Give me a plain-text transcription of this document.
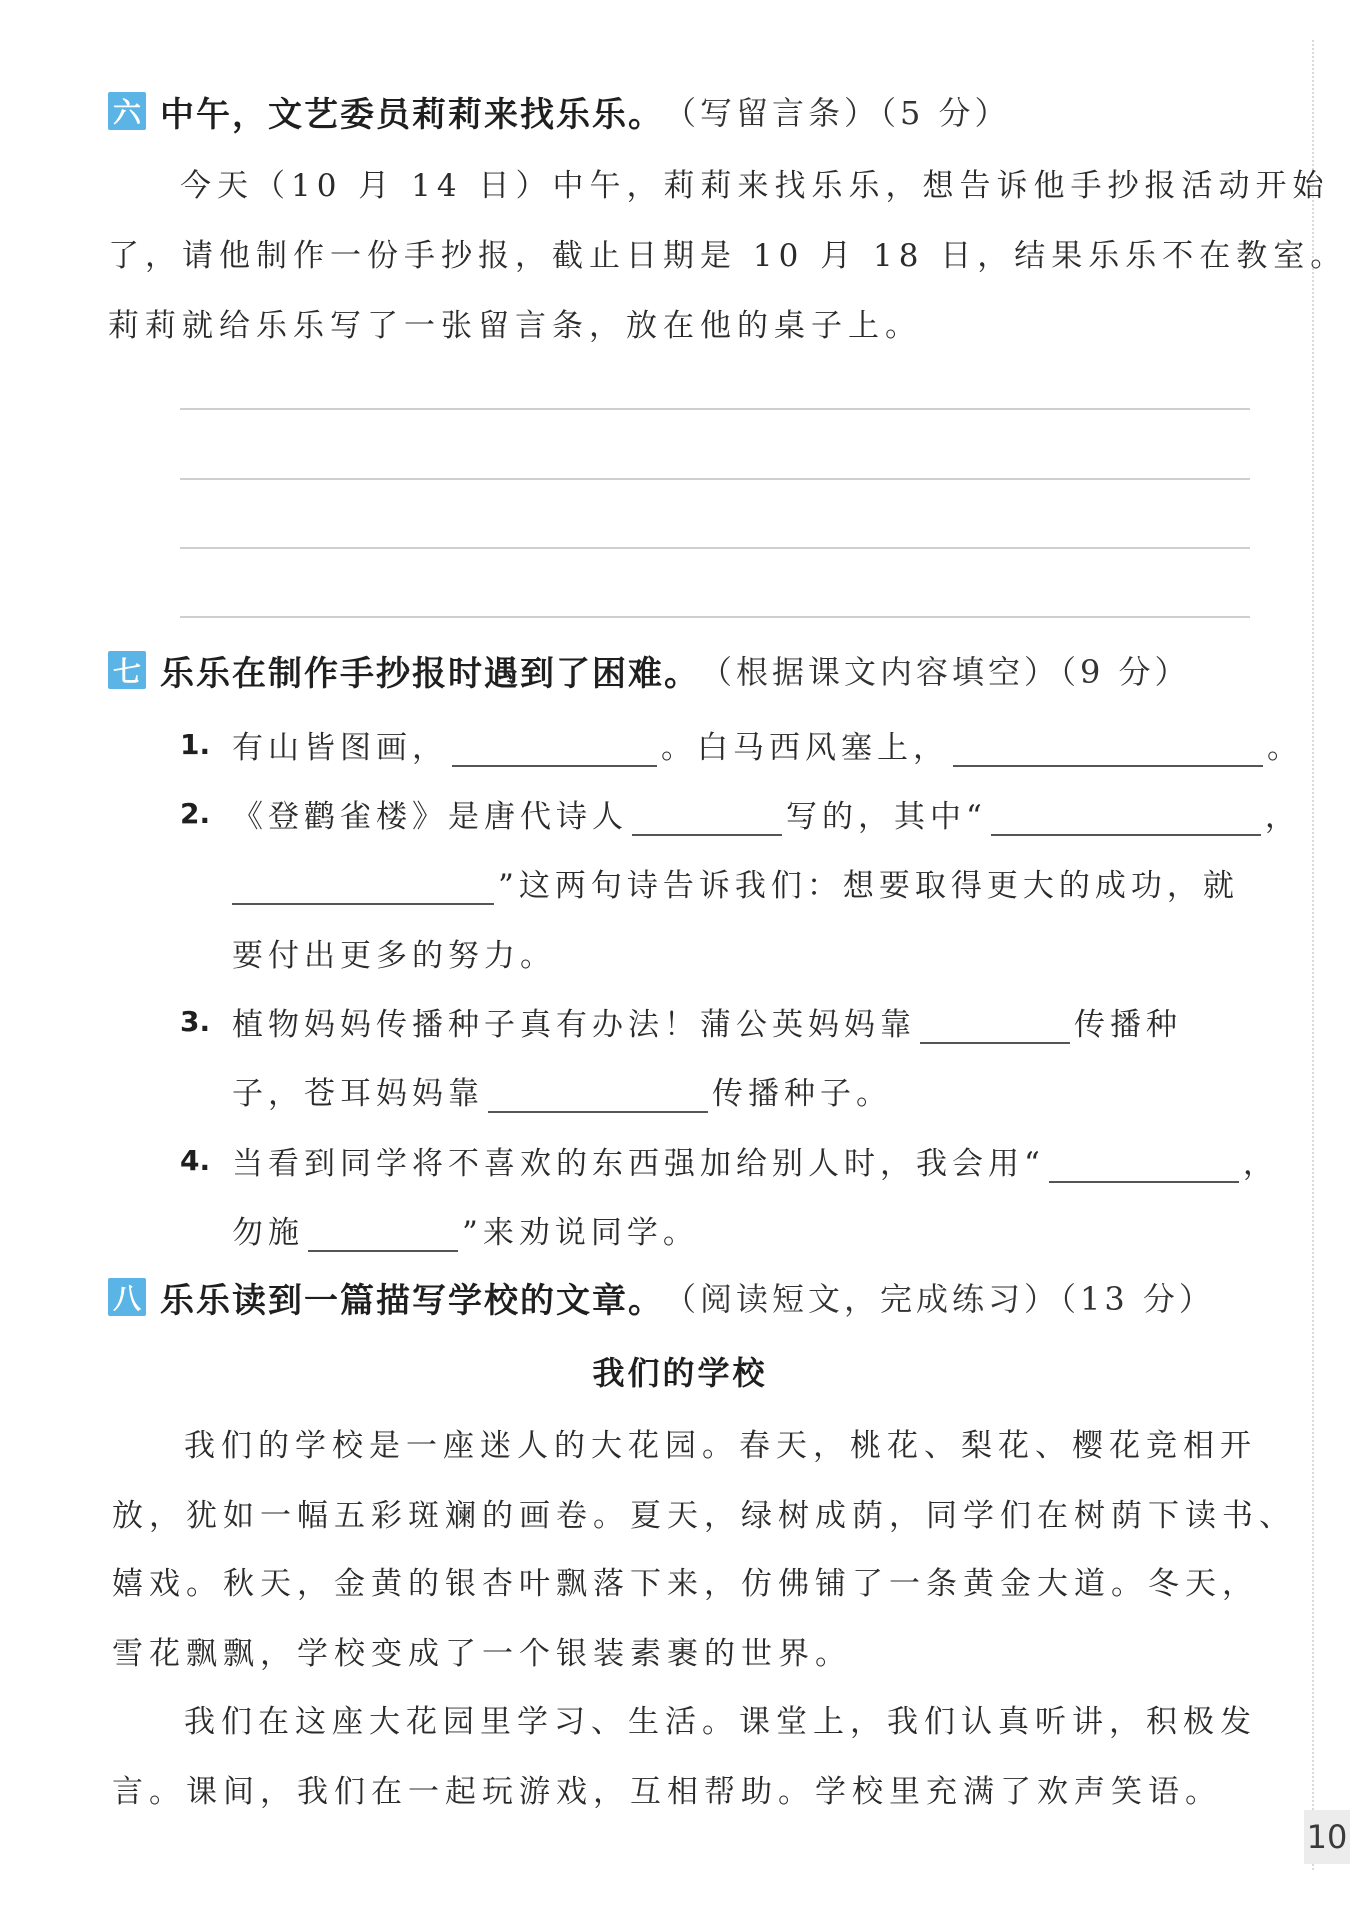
六 中午，文艺委员莉莉来找乐乐。 （写留言条）（5 分）

今天（10 月 14 日）中午，莉莉来找乐乐，想告诉他手抄报活动开始

了，请他制作一份手抄报，截止日期是 10 月 18 日，结果乐乐不在教室。

莉莉就给乐乐写了一张留言条，放在他的桌子上。

七 乐乐在制作手抄报时遇到了困难。 （根据课文内容填空）（9 分）
1. 有山皆图画，	。白马西风塞上，	。
2. 《登鹳雀楼》是唐代诗人	写的，其中“	，
”这两句诗告诉我们：想要取得更大的成功，就
要付出更多的努力。
3. 植物妈妈传播种子真有办法！蒲公英妈妈靠	传播种
子，苍耳妈妈靠	传播种子。
4. 当看到同学将不喜欢的东西强加给别人时，我会用“	，
勿施	”来劝说同学。
八 乐乐读到一篇描写学校的文章。 （阅读短文，完成练习）（13 分）
我们的学校

我们的学校是一座迷人的大花园。春天，桃花、梨花、樱花竞相开

放，犹如一幅五彩斑斓的画卷。夏天，绿树成荫，同学们在树荫下读书、

嬉戏。秋天，金黄的银杏叶飘落下来，仿佛铺了一条黄金大道。冬天，

雪花飘飘，学校变成了一个银装素裹的世界。

我们在这座大花园里学习、生活。课堂上，我们认真听讲，积极发

言。课间，我们在一起玩游戏，互相帮助。学校里充满了欢声笑语。

10
